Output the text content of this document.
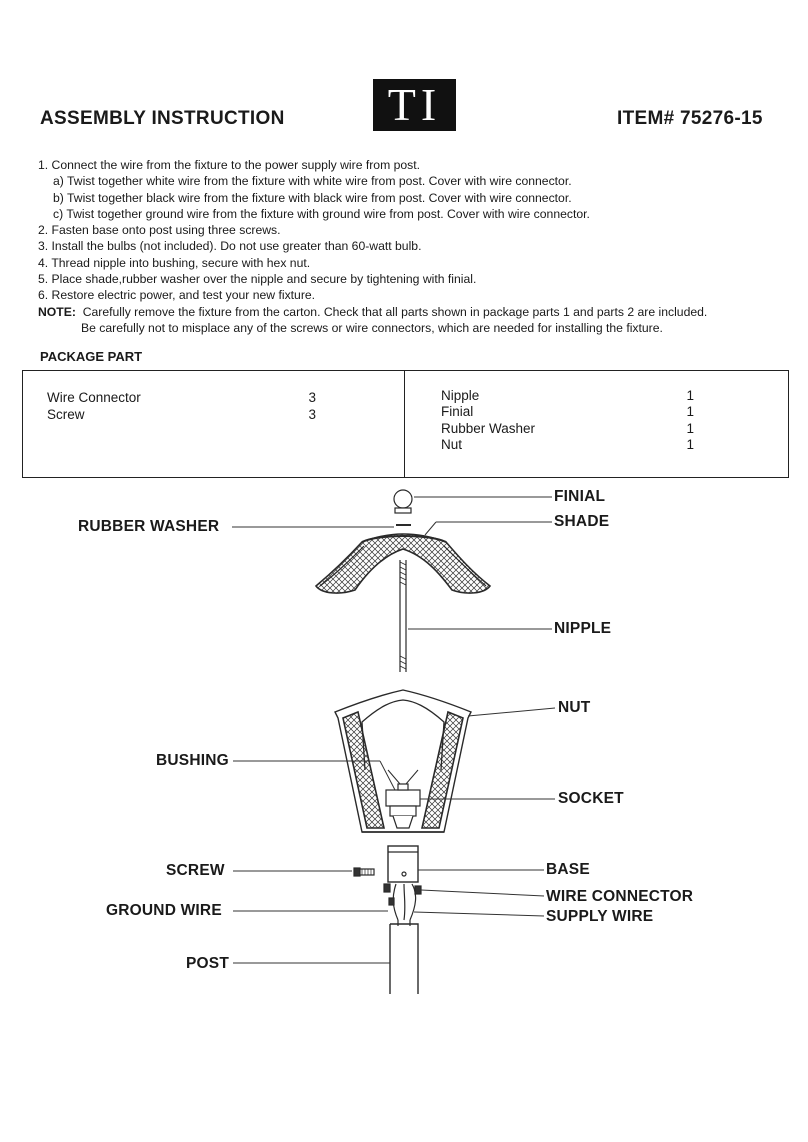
ASSEMBLY INSTRUCTION	TI	ITEM# 75276-15
1. Connect the wire from the fixture to the power supply wire from post.
a) Twist together white wire from the fixture with white wire from post. Cover with wire connector.
b) Twist together black wire from the fixture with black wire from post. Cover with wire connector.
c) Twist together ground wire from the fixture with ground wire from post. Cover with wire connector.
2. Fasten base onto post using three screws.
3. Install the bulbs (not included). Do not use greater than 60-watt bulb.
4. Thread nipple into bushing, secure with hex nut.
5. Place shade,rubber washer over the nipple and secure by tightening with finial.
6. Restore electric power, and test your new fixture.
NOTE: Carefully remove the fixture from the carton. Check that all parts shown in package parts 1 and parts 2 are included.
Be carefully not to misplace any of the screws or wire connectors, which are needed for installing the fixture.
PACKAGE PART
Wire Connector	3
Screw	3
Nipple	1
Finial	1
Rubber Washer	1
Nut	1
FINIAL
RUBBER WASHER	SHADE
NIPPLE
NUT
BUSHING
SOCKET
SCREW	BASE
WIRE CONNECTOR
GROUND WIRE	SUPPLY WIRE
POST
